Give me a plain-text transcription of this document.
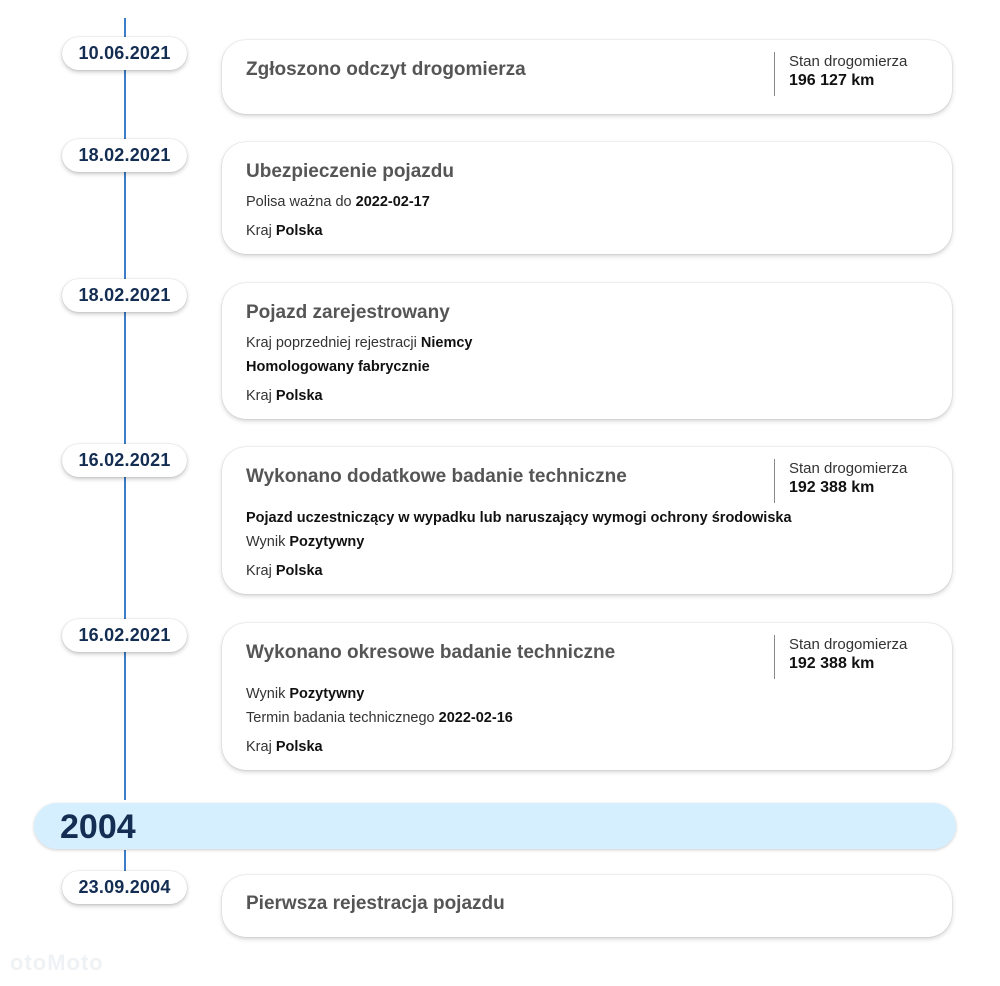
10.06.2021
Zgłoszono odczyt drogomierza	Stan drogomierza
196 127 km
18.02.2021
Ubezpieczenie pojazdu
Polisa ważna do 2022-02-17
Kraj Polska
18.02.2021
Pojazd zarejestrowany
Kraj poprzedniej rejestracji Niemcy
Homologowany fabrycznie
Kraj Polska
16.02.2021
Wykonano dodatkowe badanie techniczne	Stan drogomierza
192 388 km
Pojazd uczestniczący w wypadku lub naruszający wymogi ochrony środowiska
Wynik Pozytywny
Kraj Polska
16.02.2021
Wykonano okresowe badanie techniczne	Stan drogomierza
192 388 km
Wynik Pozytywny
Termin badania technicznego 2022-02-16
Kraj Polska
2004
23.09.2004
Pierwsza rejestracja pojazdu
otoMoto
